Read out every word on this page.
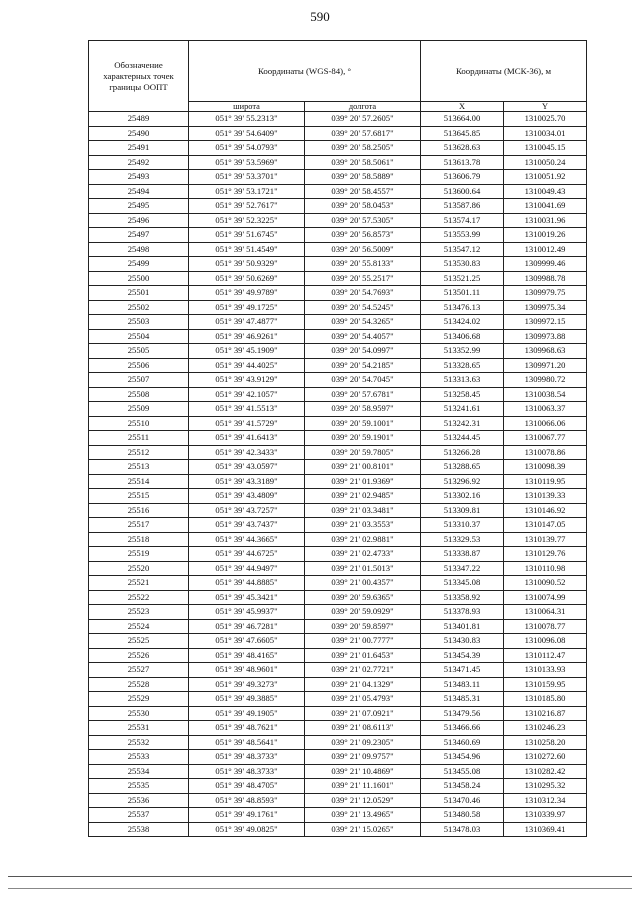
590
Обозначение характерных точек границы ООПТ	Координаты (WGS-84), °		Координаты (МСК-36), м	
	широта	долгота	X	Y
25489	051° 39' 55.2313"	039° 20' 57.2605"	513664.00	1310025.70
25490	051° 39' 54.6409"	039° 20' 57.6817"	513645.85	1310034.01
25491	051° 39' 54.0793"	039° 20' 58.2505"	513628.63	1310045.15
25492	051° 39' 53.5969"	039° 20' 58.5061"	513613.78	1310050.24
25493	051° 39' 53.3701"	039° 20' 58.5889"	513606.79	1310051.92
25494	051° 39' 53.1721"	039° 20' 58.4557"	513600.64	1310049.43
25495	051° 39' 52.7617"	039° 20' 58.0453"	513587.86	1310041.69
25496	051° 39' 52.3225"	039° 20' 57.5305"	513574.17	1310031.96
25497	051° 39' 51.6745"	039° 20' 56.8573"	513553.99	1310019.26
25498	051° 39' 51.4549"	039° 20' 56.5009"	513547.12	1310012.49
25499	051° 39' 50.9329"	039° 20' 55.8133"	513530.83	1309999.46
25500	051° 39' 50.6269"	039° 20' 55.2517"	513521.25	1309988.78
25501	051° 39' 49.9789"	039° 20' 54.7693"	513501.11	1309979.75
25502	051° 39' 49.1725"	039° 20' 54.5245"	513476.13	1309975.34
25503	051° 39' 47.4877"	039° 20' 54.3265"	513424.02	1309972.15
25504	051° 39' 46.9261"	039° 20' 54.4057"	513406.68	1309973.88
25505	051° 39' 45.1909"	039° 20' 54.0997"	513352.99	1309968.63
25506	051° 39' 44.4025"	039° 20' 54.2185"	513328.65	1309971.20
25507	051° 39' 43.9129"	039° 20' 54.7045"	513313.63	1309980.72
25508	051° 39' 42.1057"	039° 20' 57.6781"	513258.45	1310038.54
25509	051° 39' 41.5513"	039° 20' 58.9597"	513241.61	1310063.37
25510	051° 39' 41.5729"	039° 20' 59.1001"	513242.31	1310066.06
25511	051° 39' 41.6413"	039° 20' 59.1901"	513244.45	1310067.77
25512	051° 39' 42.3433"	039° 20' 59.7805"	513266.28	1310078.86
25513	051° 39' 43.0597"	039° 21' 00.8101"	513288.65	1310098.39
25514	051° 39' 43.3189"	039° 21' 01.9369"	513296.92	1310119.95
25515	051° 39' 43.4809"	039° 21' 02.9485"	513302.16	1310139.33
25516	051° 39' 43.7257"	039° 21' 03.3481"	513309.81	1310146.92
25517	051° 39' 43.7437"	039° 21' 03.3553"	513310.37	1310147.05
25518	051° 39' 44.3665"	039° 21' 02.9881"	513329.53	1310139.77
25519	051° 39' 44.6725"	039° 21' 02.4733"	513338.87	1310129.76
25520	051° 39' 44.9497"	039° 21' 01.5013"	513347.22	1310110.98
25521	051° 39' 44.8885"	039° 21' 00.4357"	513345.08	1310090.52
25522	051° 39' 45.3421"	039° 20' 59.6365"	513358.92	1310074.99
25523	051° 39' 45.9937"	039° 20' 59.0929"	513378.93	1310064.31
25524	051° 39' 46.7281"	039° 20' 59.8597"	513401.81	1310078.77
25525	051° 39' 47.6605"	039° 21' 00.7777"	513430.83	1310096.08
25526	051° 39' 48.4165"	039° 21' 01.6453"	513454.39	1310112.47
25527	051° 39' 48.9601"	039° 21' 02.7721"	513471.45	1310133.93
25528	051° 39' 49.3273"	039° 21' 04.1329"	513483.11	1310159.95
25529	051° 39' 49.3885"	039° 21' 05.4793"	513485.31	1310185.80
25530	051° 39' 49.1905"	039° 21' 07.0921"	513479.56	1310216.87
25531	051° 39' 48.7621"	039° 21' 08.6113"	513466.66	1310246.23
25532	051° 39' 48.5641"	039° 21' 09.2305"	513460.69	1310258.20
25533	051° 39' 48.3733"	039° 21' 09.9757"	513454.96	1310272.60
25534	051° 39' 48.3733"	039° 21' 10.4869"	513455.08	1310282.42
25535	051° 39' 48.4705"	039° 21' 11.1601"	513458.24	1310295.32
25536	051° 39' 48.8593"	039° 21' 12.0529"	513470.46	1310312.34
25537	051° 39' 49.1761"	039° 21' 13.4965"	513480.58	1310339.97
25538	051° 39' 49.0825"	039° 21' 15.0265"	513478.03	1310369.41
